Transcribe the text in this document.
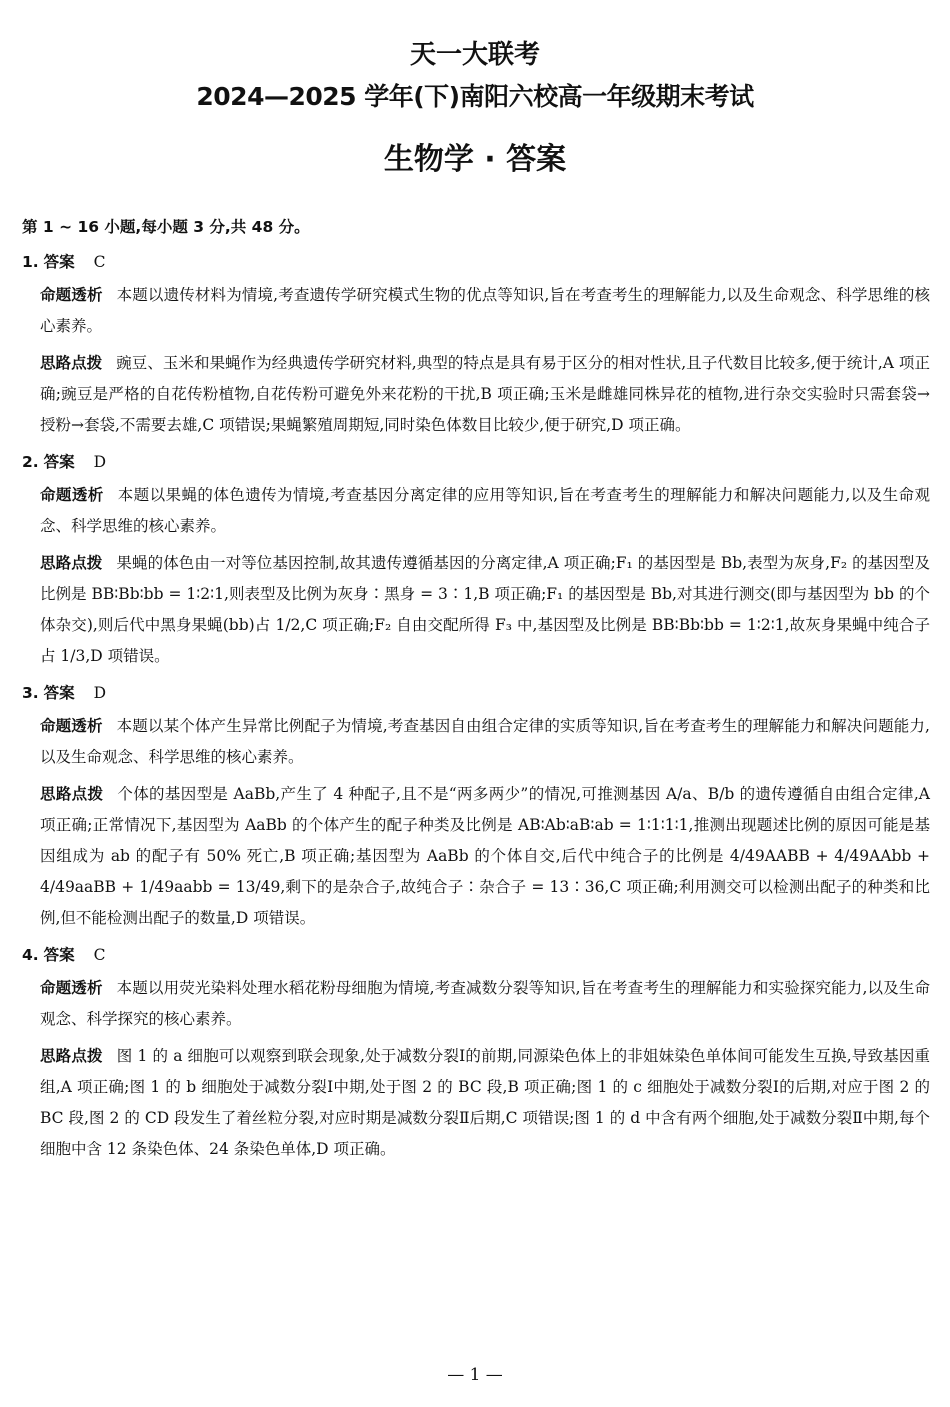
天一大联考
2024—2025 学年(下)南阳六校高一年级期末考试
生物学 · 答案
第 1 ~ 16 小题,每小题 3 分,共 48 分。
1. 答案 C
命题透析 本题以遗传材料为情境,考查遗传学研究模式生物的优点等知识,旨在考查考生的理解能力,以及生命观念、科学思维的核心素养。
思路点拨 豌豆、玉米和果蝇作为经典遗传学研究材料,典型的特点是具有易于区分的相对性状,且子代数目比较多,便于统计,A 项正确;豌豆是严格的自花传粉植物,自花传粉可避免外来花粉的干扰,B 项正确;玉米是雌雄同株异花的植物,进行杂交实验时只需套袋→授粉→套袋,不需要去雄,C 项错误;果蝇繁殖周期短,同时染色体数目比较少,便于研究,D 项正确。
2. 答案 D
命题透析 本题以果蝇的体色遗传为情境,考查基因分离定律的应用等知识,旨在考查考生的理解能力和解决问题能力,以及生命观念、科学思维的核心素养。
思路点拨 果蝇的体色由一对等位基因控制,故其遗传遵循基因的分离定律,A 项正确;F₁ 的基因型是 Bb,表型为灰身,F₂ 的基因型及比例是 BB∶Bb∶bb = 1∶2∶1,则表型及比例为灰身∶黑身 = 3∶1,B 项正确;F₁ 的基因型是 Bb,对其进行测交(即与基因型为 bb 的个体杂交),则后代中黑身果蝇(bb)占 1/2,C 项正确;F₂ 自由交配所得 F₃ 中,基因型及比例是 BB∶Bb∶bb = 1∶2∶1,故灰身果蝇中纯合子占 1/3,D 项错误。
3. 答案 D
命题透析 本题以某个体产生异常比例配子为情境,考查基因自由组合定律的实质等知识,旨在考查考生的理解能力和解决问题能力,以及生命观念、科学思维的核心素养。
思路点拨 个体的基因型是 AaBb,产生了 4 种配子,且不是“两多两少”的情况,可推测基因 A/a、B/b 的遗传遵循自由组合定律,A 项正确;正常情况下,基因型为 AaBb 的个体产生的配子种类及比例是 AB∶Ab∶aB∶ab = 1∶1∶1∶1,推测出现题述比例的原因可能是基因组成为 ab 的配子有 50% 死亡,B 项正确;基因型为 AaBb 的个体自交,后代中纯合子的比例是 4/49AABB + 4/49AAbb + 4/49aaBB + 1/49aabb = 13/49,剩下的是杂合子,故纯合子∶杂合子 = 13∶36,C 项正确;利用测交可以检测出配子的种类和比例,但不能检测出配子的数量,D 项错误。
4. 答案 C
命题透析 本题以用荧光染料处理水稻花粉母细胞为情境,考查减数分裂等知识,旨在考查考生的理解能力和实验探究能力,以及生命观念、科学探究的核心素养。
思路点拨 图 1 的 a 细胞可以观察到联会现象,处于减数分裂Ⅰ的前期,同源染色体上的非姐妹染色单体间可能发生互换,导致基因重组,A 项正确;图 1 的 b 细胞处于减数分裂Ⅰ中期,处于图 2 的 BC 段,B 项正确;图 1 的 c 细胞处于减数分裂Ⅰ的后期,对应于图 2 的 BC 段,图 2 的 CD 段发生了着丝粒分裂,对应时期是减数分裂Ⅱ后期,C 项错误;图 1 的 d 中含有两个细胞,处于减数分裂Ⅱ中期,每个细胞中含 12 条染色体、24 条染色单体,D 项正确。
— 1 —
